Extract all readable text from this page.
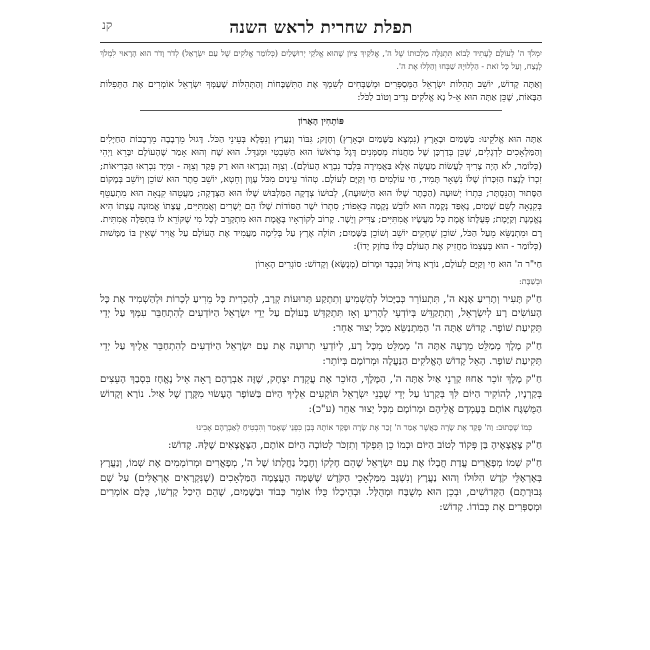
תפלת שחרית לראש השנה
קנ

יִמְלֹךְ ה' לְעוֹלָם לֶעָתִיד לָבוֹא תִּתְגַּלֶּה מַלְכוּתוֹ שֶׁל ה', אֱלֹקַיִךְ צִיּוֹן שֶׁהוּא אֱלֹקֵי יְרוּשָׁלַיִם (כְּלוֹמַר אֱלֹקִים שֶׁל עַם יִשְׂרָאֵל) לְדֹר וָדֹר הוּא הָרָאוּי לִמְלֹךְ לָנֶצַח, וְעַל כָּל זֹאת - הַלְלוּיָהּ שַׁבְּחוּ וְהַלְּלוּ אֶת ה'.

וְאַתָּה קָדוֹשׁ, יוֹשֵׁב תְּהִלּוֹת יִשְׂרָאֵל הַמְּסַפְּרִים וּמְשַׁבְּחִים לְשִׁמְךָ אֶת הַתִּשְׁבָּחוֹת וְהַתְּהִלּוֹת שֶׁעַמְּךָ יִשְׂרָאֵל אוֹמְרִים אֶת הַתְּפִלּוֹת הַבָּאוֹת, שֶׁכֵּן אַתָּה הוּא אֵ-ל נָא אֱלֹקִים נְדִיב וְטוֹב לַכֹּל:

פּוֹתְחִין הָאָרוֹן

אַתָּה הוּא אֱלֹקֵינוּ: בַּשָּׁמַיִם וּבָאָרֶץ (נִמְצָא בַּשָּׁמַיִם וּבָאָרֶץ) וְחָזָק; גִּבּוֹר וְנַעֲרָץ וְנִפְלָא בְּעֵינֵי הַכֹּל. דָּגוּל מֵרְבָבָה מֵרְבָבוֹת הַחַיָּלִים וְהַמַּלְאָכִים לִדְגָלִים, שֶׁכֵּן בְּדַרְכָּן שֶׁל מַחֲנוֹת מְסַמְּנִים דֶּגֶל בְּרֹאשׁוֹ הוּא הַשִּׁבְטִי וּמְגַדֵּל. הוּא שָׁח וְהוּא אָמַר שֶׁהָעוֹלָם יִבָּרֵא וַיְהִי (כְּלוֹמַר, לֹא הָיָה צָרִיךְ לַעֲשׂוֹת מַעֲשֶׂה אֶלָּא בַּאֲמִירָה בִּלְבַד נִבְרָא הָעוֹלָם). וְצִוָּה וְנִבְרָאוּ הוּא רַק פָּקַד וְצִוָּה - וּמִיָּד נִבְרְאוּ הַבְּרִיאוֹת; זִכְרוֹ לָנֶצַח הַזִּכָּרוֹן שֶׁלּוֹ נִשְׁאָר תָּמִיד, חַי עוֹלָמִים חַי וְקַיָּם לְעוֹלָם. טְהוֹר עֵינַיִם מִכֹּל עָוֶון וְחֵטְא, יוֹשֵׁב סֵתֶר הוּא שׁוֹכֵן וְיוֹשֵׁב בְּמָקוֹם הַסָּתוּר וְהַנִּסְתָּר; כִּתְרוֹ יְשׁוּעָה (הַכֶּתֶר שֶׁלּוֹ הוּא הַיְשׁוּעָה), לְבוּשׁוֹ צְדָקָה הַמַּלְבּוּשׁ שֶׁלּוֹ הוּא הַצְּדָקָה; מַעֲטֵהוּ קִנְאָה הוּא מִתְעַטֵּף בְּקִנְאָה לְשֵׁם שָׁמַיִם, נֶאְפַּד נְקָמָה הוּא לוֹבֵשׁ נְקָמָה כְּאֵפוֹד; סִתְרוֹ יֹשֶׁר הַסּוֹדוֹת שֶׁלּוֹ הֵם יְשָׁרִים וְאֲמִתִּיִּים, עֲצָתוֹ אֱמוּנָה עֲצָתוֹ הִיא נֶאֱמֶנֶת וְקַיֶּמֶת; פְּעֻלָּתוֹ אֱמֶת כָּל מַעֲשָׂיו אֲמִתִּיִּים; צַדִּיק וְיָשָׁר. קָרוֹב לְקוֹרְאָיו בֶּאֱמֶת הוּא מִתְקָרֵב לְכָל מִי שֶׁקּוֹרֵא לוֹ בִּתְפִלָּה אֲמִתִּית. רָם וּמִתְנַשֵּׂא מֵעַל הַכֹּל, שׁוֹכֵן שְׁחָקִים יוֹשֵׁב וְשׁוֹכֵן בַּשָּׁמַיִם; תּוֹלֶה אֶרֶץ עַל בְּלִימָה מַעֲמִיד אֶת הָעוֹלָם עַל אֲוִיר שֶׁאֵין בּוֹ מַמָּשׁוּת (כְּלוֹמַר - הוּא בְּעַצְמוֹ מַחֲזִיק אֶת הָעוֹלָם כֻּלּוֹ בַּחֹזֶק יָדוֹ):

חַיּ"ר ה' הוּא חַי וְקַיָּם לְעוֹלָם, נוֹרָא גָּדוֹל וְנִכְבָּד וּמָרוֹם (מְנֻשָּׂא) וְקָדוֹשׁ: סוֹגְרִים הָאָרוֹן

וּבְשַׁבָּת:

חַ"ק תָּעִיר וְתָרִיעַ אָנָּא ה', תִּתְעוֹרֵר כְּבַיָּכוֹל לְהַשְׁמִיעַ וְתִתְקַע תְּרוּעוֹת קְרָב, לְהַכְרִית כָּל מֵרִיעַ לְכָרוֹת וּלְהַשְׁמִיד אֶת כָּל הָעוֹשִׂים רָע לְיִשְׂרָאֵל, וְתִתְקַדֵּשׁ בְּיוֹדְעֵי לְהָרִיעַ וְאָז תִּתְקַדֵּשׁ בָּעוֹלָם עַל יְדֵי יִשְׂרָאֵל הַיּוֹדְעִים לְהִתְחַבֵּר עִמְּךָ עַל יְדֵי תְּקִיעַת שׁוֹפָר. קָדוֹשׁ אַתָּה ה' הַמִּתְנַשֵּׂא מִכָּל יְצוּר אַחֵר:

חַ"ק מֶלֶךְ מְמַלֵּט מֵרָעָה אַתָּה ה' מְמַלֵּט מִכָּל רָע, לְיוֹדְעֵי תְרוּעָה אֶת עַם יִשְׂרָאֵל הַיּוֹדְעִים לְהִתְחַבֵּר אֵלֶיךָ עַל יְדֵי תְּקִיעַת שׁוֹפָר. הָאֵל קָדוֹשׁ הָאֱלֹקִים הַנַּעֲלֶה וּמְרוֹמָם בְּיוֹתֵר:

חַ"ק מֶלֶךְ זוֹכֵר אַחוּז קַרְנֵי אַיִל אַתָּה ה', הַמֶּלֶךְ, הַזּוֹכֵר אֶת עֲקֵדַת יִצְחָק, שֶׁזֶּה אַבְרָהָם רָאָה אֵיל נֶאֱחָז בִּסְבַךְ הָעֵצִים בְּקַרְנָיו, לְהוֹקִיר הַיּוֹם לִּךְ בְּקַרְנוֹ עַל יְדֵי שֶׁבְּנֵי יִשְׂרָאֵל תּוֹקְעִים אֵלֶיךָ הַיּוֹם בַּשּׁוֹפָר הֶעָשׂוּי מִקֶּרֶן שֶׁל אַיִל. נוֹרָא וְקָדוֹשׁ הַמֻּשְׁגָּח אוֹתָם בְּעָמְדָם אֲלֵיהֶם וּמְרוֹמָם מִכָּל יְצוּר אַחֵר (ע"כ):

כְּמוֹ שֶׁכָּתוּב: וַה' פָּקַד אֶת שָׂרָה כַּאֲשֶׁר אָמַר ה' זָכַר אֶת שָׂרָה וּפָקַד אוֹתָהּ בְּבֵן כִּפְנֵי שֶׁאָמַר וְהִבְטִיחַ לְאַבְרָהָם אָבִינוּ

חַ"ק צֶאֱצָאֶיהָ בַּן פְּקוֹד לְטוֹב הַיּוֹם וּכְמוֹ כֵן תִּפְקֹד וְתִזְכֹּר לְטוֹבָה הַיּוֹם אוֹתָם, הַצֶּאֱצָאִים שֶׁלָּהּ. קָדוֹשׁ:

חַ"ק שְׁמוֹ מְפָאֲרִים עֲדַת חֲבָלוֹ אֶת עַם יִשְׂרָאֵל שֶׁהֵם חֶלְקוֹ וְחֶבֶל נַחֲלָתוֹ שֶׁל ה', מְפָאֲרִים וּמְרוֹמְמִים אֶת שְׁמוֹ, וְנַעֲרָץ בְּאֶרְאֶלֵּי קֹדֶשׁ הִלּוּלוֹ וְהוּא נַעֲרָץ וְנִשְׁגָּב מִמַּלְאָכֵי הַקֹּדֶשׁ שֶׁשָּׁמָּה הָעֲצָמָה הַמַּלְאָכִים (שֶׁנִּקְרָאִים אֶרְאֶלִּים) עַל שֶׁם גְּבוּרָתָם) הַקְּדוֹשִׁים, וּבְכֵן הוּא מְשֻׁבָּח וּמְהֻלָּל. וּבְהֵיכָלוֹ כֻּלּוֹ אוֹמֵר כָּבוֹד וּבַשָּׁמַיִם, שֶׁהֵם הֵיכַל קָדְשׁוֹ, כֻּלָּם אוֹמְרִים וּמְסַפְּרִים אֶת כְּבוֹדוֹ. קָדוֹשׁ:
